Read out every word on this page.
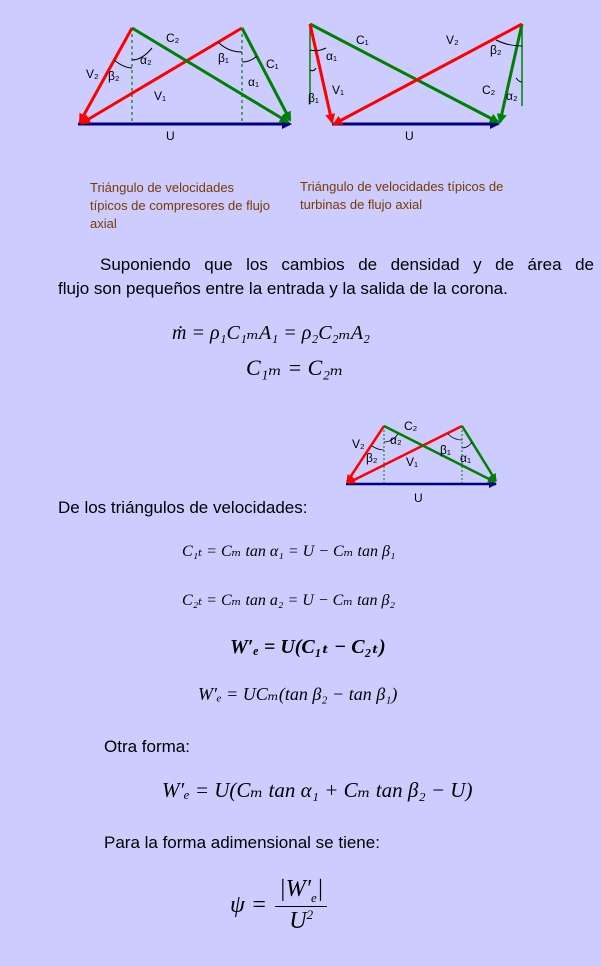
C₂
C₁
V₂
V₁
β₂
α₂	β₁
α₁
U
Triángulo de velocidades típicos de compresores de flujo axial
C₁	V₂
α₁
V₁
β₁
β₂
C₂ α₂
U
Triángulo de velocidades típicos de turbinas de flujo axial
Suponiendo que los cambios de densidad y de área de
flujo son pequeños entre la entrada y la salida de la corona.
ṁ = ρ₁C₁ₘA₁ = ρ₂C₂ₘA₂
C₁ₘ = C₂ₘ
C₂
V₂ α₂
β₂ V₁
β₁
α₁
U
De los triángulos de velocidades:
C₁ₜ = Cₘ tan α₁ = U − Cₘ tan β₁
C₂ₜ = Cₘ tan a₂ = U − Cₘ tan β₂
W′ₑ = U(C₁ₜ − C₂ₜ)
W′ₑ = UCₘ(tan β₂ − tan β₁)
Otra forma:
W′ₑ = U(Cₘ tan α₁ + Cₘ tan β₂ − U)
Para la forma adimensional se tiene:
$\psi = \frac{|W'_e|}{U^2}$
